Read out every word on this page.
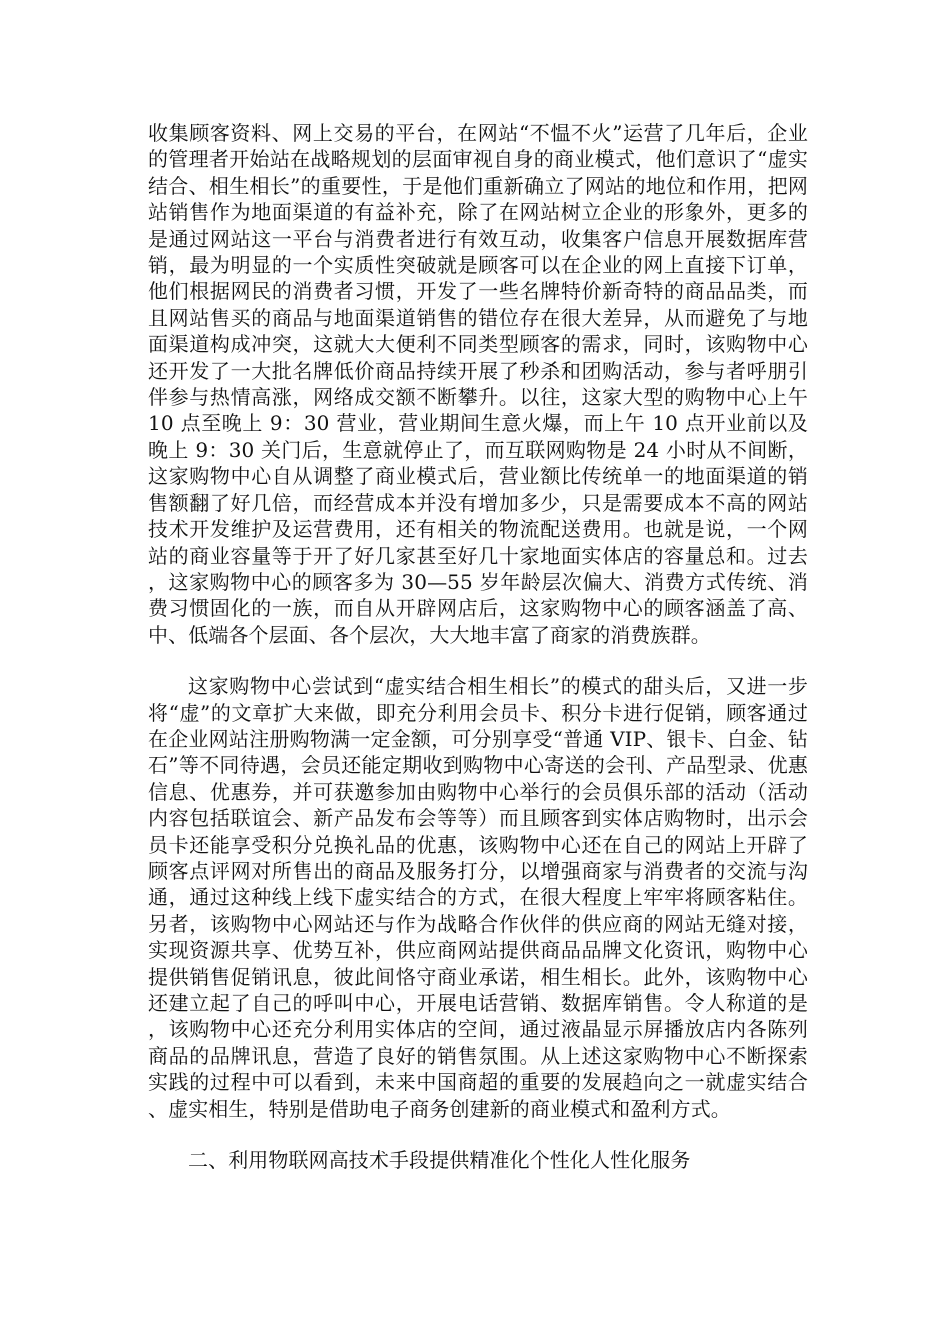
收集顾客资料、网上交易的平台，在网站“不愠不火”运营了几年后，企业的管理者开始站在战略规划的层面审视自身的商业模式，他们意识了“虚实结合、相生相长”的重要性，于是他们重新确立了网站的地位和作用，把网站销售作为地面渠道的有益补充，除了在网站树立企业的形象外，更多的是通过网站这一平台与消费者进行有效互动，收集客户信息开展数据库营销，最为明显的一个实质性突破就是顾客可以在企业的网上直接下订单，他们根据网民的消费者习惯，开发了一些名牌特价新奇特的商品品类，而且网站售买的商品与地面渠道销售的错位存在很大差异，从而避免了与地面渠道构成冲突，这就大大便利不同类型顾客的需求，同时，该购物中心还开发了一大批名牌低价商品持续开展了秒杀和团购活动，参与者呼朋引伴参与热情高涨，网络成交额不断攀升。以往，这家大型的购物中心上午 10 点至晚上 9：30 营业，营业期间生意火爆，而上午 10 点开业前以及晚上 9：30 关门后，生意就停止了，而互联网购物是 24 小时从不间断，这家购物中心自从调整了商业模式后，营业额比传统单一的地面渠道的销售额翻了好几倍，而经营成本并没有增加多少，只是需要成本不高的网站技术开发维护及运营费用，还有相关的物流配送费用。也就是说，一个网站的商业容量等于开了好几家甚至好几十家地面实体店的容量总和。过去，这家购物中心的顾客多为 30—55 岁年龄层次偏大、消费方式传统、消费习惯固化的一族，而自从开辟网店后，这家购物中心的顾客涵盖了高、中、低端各个层面、各个层次，大大地丰富了商家的消费族群。

这家购物中心尝试到“虚实结合相生相长”的模式的甜头后，又进一步将“虚”的文章扩大来做，即充分利用会员卡、积分卡进行促销，顾客通过在企业网站注册购物满一定金额，可分别享受“普通 VIP、银卡、白金、钻石”等不同待遇，会员还能定期收到购物中心寄送的会刊、产品型录、优惠信息、优惠券，并可获邀参加由购物中心举行的会员俱乐部的活动（活动内容包括联谊会、新产品发布会等等）而且顾客到实体店购物时，出示会员卡还能享受积分兑换礼品的优惠，该购物中心还在自己的网站上开辟了顾客点评网对所售出的商品及服务打分，以增强商家与消费者的交流与沟通，通过这种线上线下虚实结合的方式，在很大程度上牢牢将顾客粘住。另者，该购物中心网站还与作为战略合作伙伴的供应商的网站无缝对接，实现资源共享、优势互补，供应商网站提供商品品牌文化资讯，购物中心提供销售促销讯息，彼此间恪守商业承诺，相生相长。此外，该购物中心还建立起了自己的呼叫中心，开展电话营销、数据库销售。令人称道的是，该购物中心还充分利用实体店的空间，通过液晶显示屏播放店内各陈列商品的品牌讯息，营造了良好的销售氛围。从上述这家购物中心不断探索实践的过程中可以看到，未来中国商超的重要的发展趋向之一就虚实结合、虚实相生，特别是借助电子商务创建新的商业模式和盈利方式。

二、利用物联网高技术手段提供精准化个性化人性化服务
